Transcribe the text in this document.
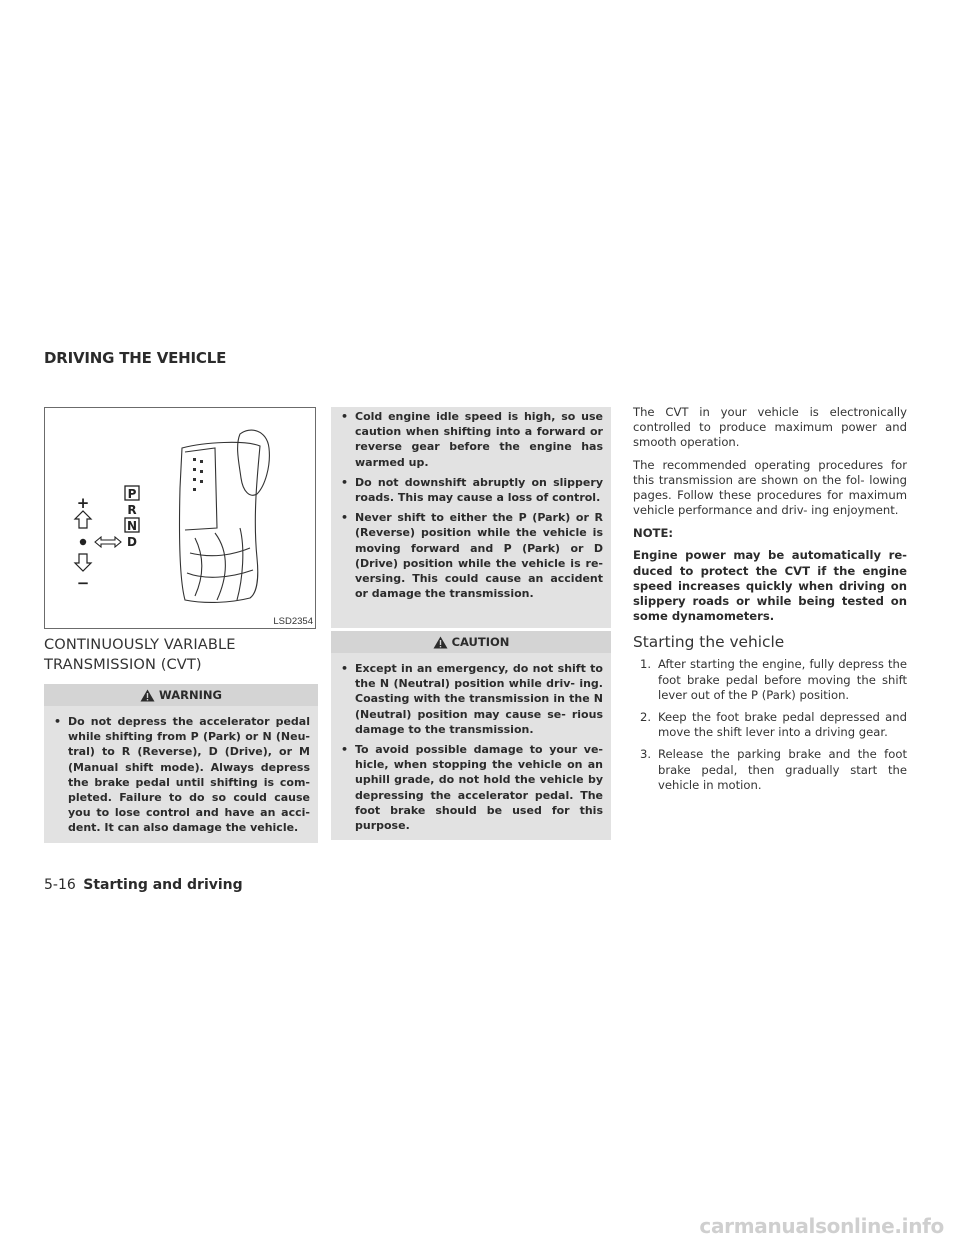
DRIVING THE VEHICLE
+
−
P
R
N
D
LSD2354
CONTINUOUSLY VARIABLE
TRANSMISSION (CVT)
WARNING
• Do not depress the accelerator pedal while shifting from P (Park) or N (Neu- tral) to R (Reverse), D (Drive), or M (Manual shift mode). Always depress the brake pedal until shifting is com- pleted. Failure to do so could cause you to lose control and have an acci- dent. It can also damage the vehicle.
• Cold engine idle speed is high, so use caution when shifting into a forward or reverse gear before the engine has warmed up.
• Do not downshift abruptly on slippery roads. This may cause a loss of control.
• Never shift to either the P (Park) or R (Reverse) position while the vehicle is moving forward and P (Park) or D (Drive) position while the vehicle is re- versing. This could cause an accident or damage the transmission.
CAUTION
• Except in an emergency, do not shift to the N (Neutral) position while driv- ing. Coasting with the transmission in the N (Neutral) position may cause se- rious damage to the transmission.
• To avoid possible damage to your ve- hicle, when stopping the vehicle on an uphill grade, do not hold the vehicle by depressing the accelerator pedal. The foot brake should be used for this purpose.

The CVT in your vehicle is electronically controlled to produce maximum power and smooth operation.

The recommended operating procedures for this transmission are shown on the fol- lowing pages. Follow these procedures for maximum vehicle performance and driv- ing enjoyment.

NOTE:

Engine power may be automatically re- duced to protect the CVT if the engine speed increases quickly when driving on slippery roads or while being tested on some dynamometers.

Starting the vehicle
1. After starting the engine, fully depress the foot brake pedal before moving the shift lever out of the P (Park) position.
2. Keep the foot brake pedal depressed and move the shift lever into a driving gear.
3. Release the parking brake and the foot brake pedal, then gradually start the vehicle in motion.
5-16 Starting and driving
carmanualsonline.info
